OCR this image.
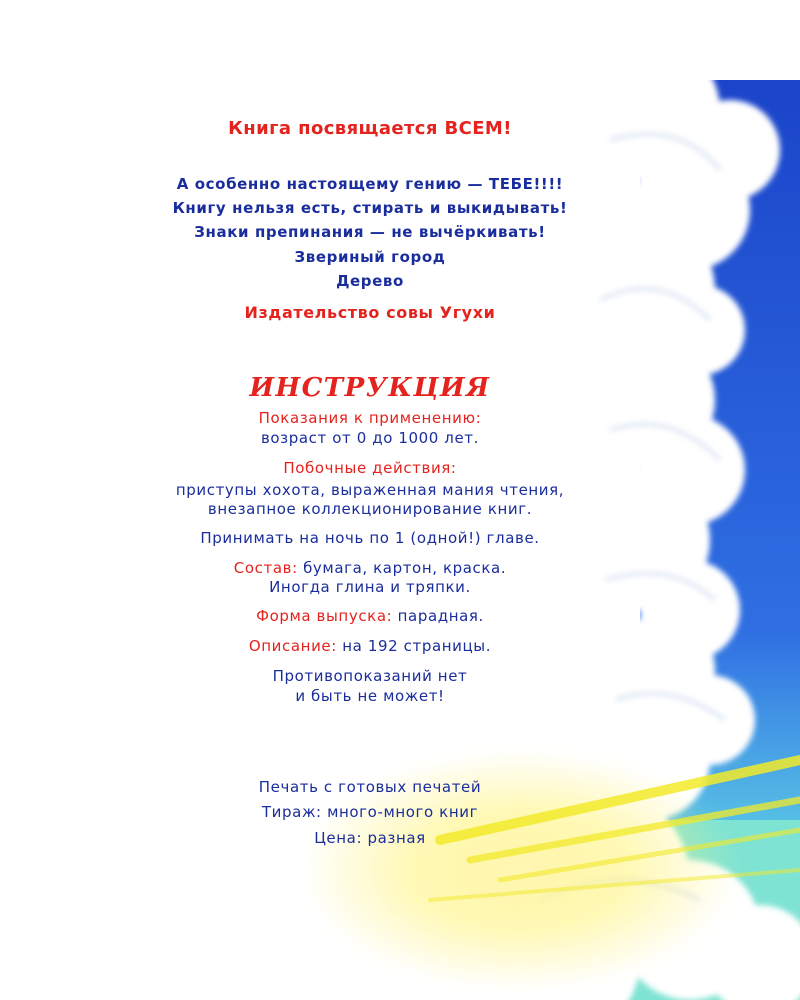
Книга посвящается ВСЕМ!
А особенно настоящему гению — ТЕБЕ!!!!
Книгу нельзя есть, стирать и выкидывать!
Знаки препинания — не вычёркивать!
Звериный город
Дерево
Издательство совы Угухи
ИНСТРУКЦИЯ
Показания к применению:
возраст от 0 до 1000 лет.
Побочные действия:
приступы хохота, выраженная мания чтения,
внезапное коллекционирование книг.
Принимать на ночь по 1 (одной!) главе.
Состав: бумага, картон, краска.
Иногда глина и тряпки.
Форма выпуска: парадная.
Описание: на 192 страницы.
Противопоказаний нет
и быть не может!
Печать с готовых печатей
Тираж: много-много книг
Цена: разная
